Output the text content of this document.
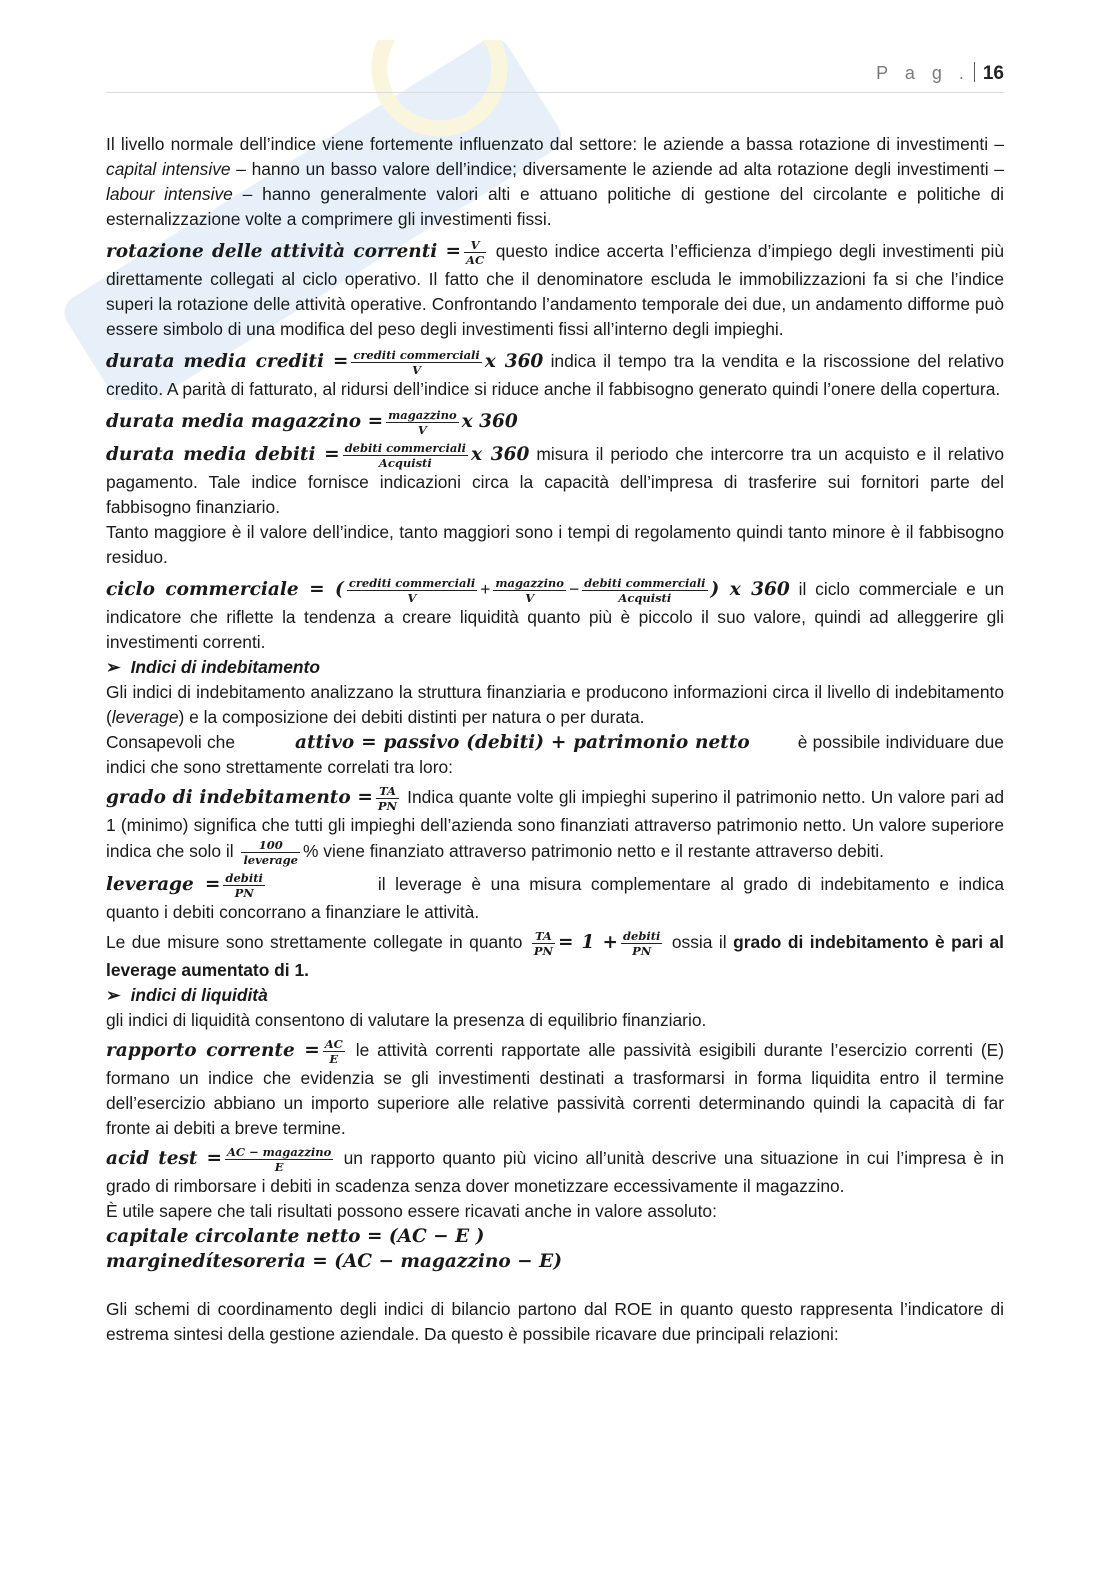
P a g . 16

Il livello normale dell’indice viene fortemente influenzato dal settore: le aziende a bassa rotazione di investimenti – capital intensive – hanno un basso valore dell’indice; diversamente le aziende ad alta rotazione degli investimenti – labour intensive – hanno generalmente valori alti e attuano politiche di gestione del circolante e politiche di esternalizzazione volte a comprimere gli investimenti fissi.

rotazione delle attività correnti = $\frac{V}{AC}$ questo indice accerta l’efficienza d’impiego degli investimenti più direttamente collegati al ciclo operativo. Il fatto che il denominatore escluda le immobilizzazioni fa si che l’indice superi la rotazione delle attività operative. Confrontando l’andamento temporale dei due, un andamento difforme può essere simbolo di una modifica del peso degli investimenti fissi all’interno degli impieghi.

durata media crediti = crediti commerciali
V	x 360 indica il tempo tra la vendita e la riscossione del relativo credito. A parità di fatturato, al ridursi dell’indice si riduce anche il fabbisogno generato quindi l’onere della copertura.

durata media magazzino = magazzino
V	x 360

durata media debiti = debiti commerciali
Acquisti	x 360 misura il periodo che intercorre tra un acquisto e il relativo pagamento. Tale indice fornisce indicazioni circa la capacità dell’impresa di trasferire sui fornitori parte del fabbisogno finanziario.

Tanto maggiore è il valore dell’indice, tanto maggiori sono i tempi di regolamento quindi tanto minore è il fabbisogno residuo.

ciclo commerciale = ( crediti commerciali
V	+ magazzino
V	− debiti commerciali
Acquisti	) x 360 il ciclo commerciale e un indicatore che riflette la tendenza a creare liquidità quanto più è piccolo il suo valore, quindi ad alleggerire gli investimenti correnti.

➢ Indici di indebitamento

Gli indici di indebitamento analizzano la struttura finanziaria e producono informazioni circa il livello di indebitamento (leverage) e la composizione dei debiti distinti per natura o per durata.

Consapevoli che	attivo = passivo (debiti) + patrimonio netto	è possibile individuare due indici che sono strettamente correlati tra loro:

grado di indebitamento = $\frac{TA}{PN}$ Indica quante volte gli impieghi superino il patrimonio netto. Un valore pari ad 1 (minimo) significa che tutti gli impieghi dell’azienda sono finanziati attraverso patrimonio netto. Un valore superiore indica che solo il	100
leverage % viene finanziato attraverso patrimonio netto e il restante attraverso debiti.

leverage = debiti
PN	il leverage è una misura complementare al grado di indebitamento e indica quanto i debiti concorrano a finanziare le attività.

Le due misure sono strettamente collegate in quanto $\frac{TA}{PN} = 1$ + debiti
PN ossia il grado di indebitamento è pari al leverage aumentato di 1.

➢ indici di liquidità

gli indici di liquidità consentono di valutare la presenza di equilibrio finanziario.

rapporto corrente = $\frac{AC}{E}$ le attività correnti rapportate alle passività esigibili durante l’esercizio correnti (E) formano un indice che evidenzia se gli investimenti destinati a trasformarsi in forma liquidita entro il termine dell’esercizio abbiano un importo superiore alle relative passività correnti determinando quindi la capacità di far fronte ai debiti a breve termine.

acid test = AC − magazzino
E	un rapporto quanto più vicino all’unità descrive una situazione in cui l’impresa è in grado di rimborsare i debiti in scadenza senza dover monetizzare eccessivamente il magazzino.

È utile sapere che tali risultati possono essere ricavati anche in valore assoluto:

capitale circolante netto = (AC − E )

marginedítesoreria = (AC − magazzino − E)

Gli schemi di coordinamento degli indici di bilancio partono dal ROE in quanto questo rappresenta l’indicatore di estrema sintesi della gestione aziendale. Da questo è possibile ricavare due principali relazioni:
